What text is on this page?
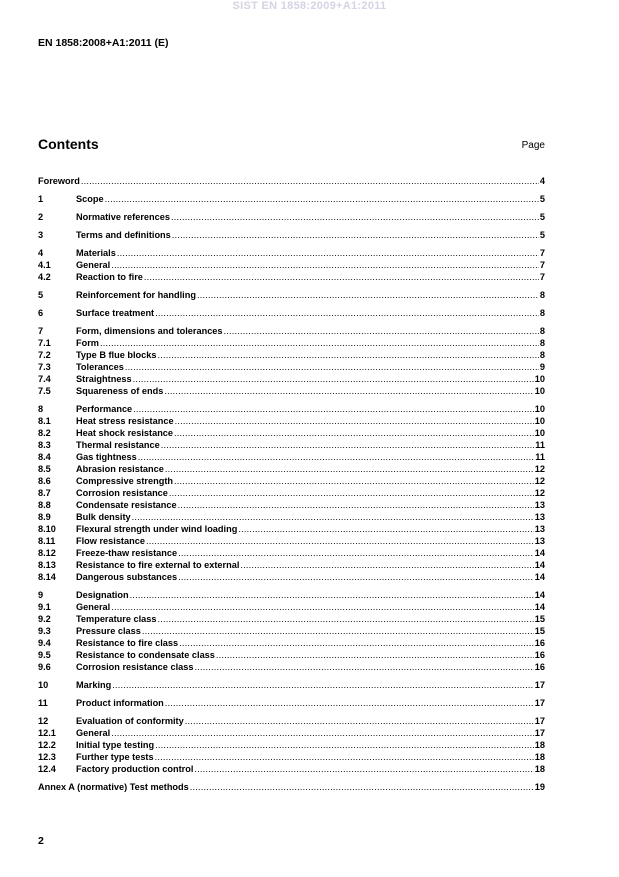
SIST EN 1858:2009+A1:2011
EN 1858:2008+A1:2011 (E)
Contents	Page
Foreword .....	4
1	Scope .....	5
2	Normative references .....	5
3	Terms and definitions .....	5
4	Materials .....	7
4.1	General .....	7
4.2	Reaction to fire .....	7
5	Reinforcement for handling .....	8
6	Surface treatment .....	8
7	Form, dimensions and tolerances .....	8
7.1	Form .....	8
7.2	Type B flue blocks .....	8
7.3	Tolerances .....	9
7.4	Straightness .....	10
7.5	Squareness of ends .....	10
8	Performance .....	10
8.1	Heat stress resistance .....	10
8.2	Heat shock resistance .....	10
8.3	Thermal resistance .....	11
8.4	Gas tightness .....	11
8.5	Abrasion resistance .....	12
8.6	Compressive strength .....	12
8.7	Corrosion resistance .....	12
8.8	Condensate resistance .....	13
8.9	Bulk density .....	13
8.10	Flexural strength under wind loading .....	13
8.11	Flow resistance .....	13
8.12	Freeze-thaw resistance .....	14
8.13	Resistance to fire external to external .....	14
8.14	Dangerous substances .....	14
9	Designation .....	14
9.1	General .....	14
9.2	Temperature class .....	15
9.3	Pressure class .....	15
9.4	Resistance to fire class .....	16
9.5	Resistance to condensate class .....	16
9.6	Corrosion resistance class .....	16
10	Marking .....	17
11	Product information .....	17
12	Evaluation of conformity .....	17
12.1	General .....	17
12.2	Initial type testing .....	18
12.3	Further type tests .....	18
12.4	Factory production control .....	18
Annex A (normative) Test methods .....	19
2
